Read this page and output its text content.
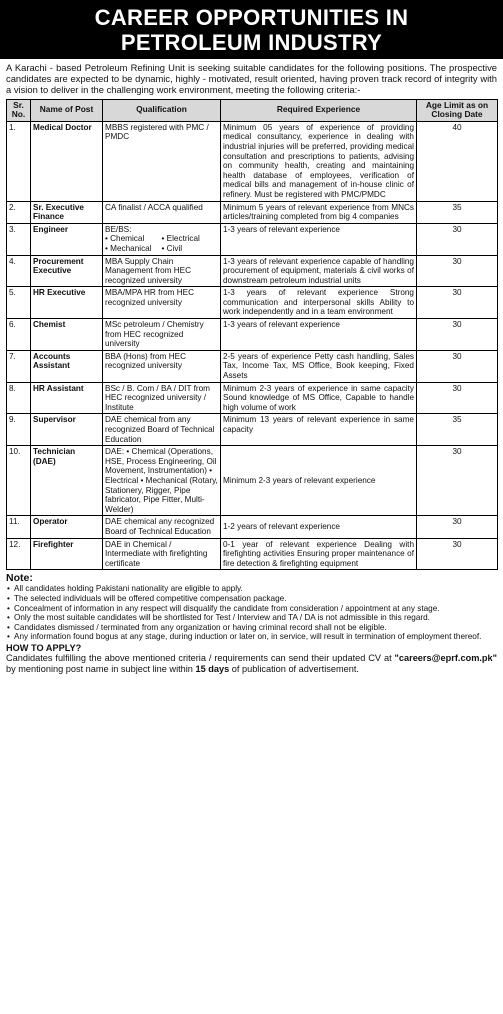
CAREER OPPORTUNITIES IN
PETROLEUM INDUSTRY
A Karachi - based Petroleum Refining Unit is seeking suitable candidates for the following positions. The prospective candidates are expected to be dynamic, highly - motivated, result oriented, having proven track record of integrity with a vision to deliver in the challenging work environment, meeting the following criteria:-
Sr. No.	Name of Post	Qualification	Required Experience	Age Limit as on Closing Date
1.	Medical Doctor	MBBS registered with PMC / PMDC	Minimum 05 years of experience of providing medical consultancy, experience in dealing with industrial injuries will be preferred, providing medical consultation and prescriptions to patients, advising on community health, creating and maintaining health database of employees, verification of medical bills and management of in-house clinic of refinery. Must be registered with PMC/PMDC	40
2.	Sr. Executive Finance	CA finalist / ACCA qualified	Minimum 5 years of relevant experience from MNCs articles/training completed from big 4 companies	35
3.	Engineer	BE/BS:
• Chemical • Electrical
• Mechanical • Civil	1-3 years of relevant experience	30
4.	Procurement Executive	MBA Supply Chain Management from HEC recognized university	1-3 years of relevant experience capable of handling procurement of equipment, materials & civil works of downstream petroleum industrial units	30
5.	HR Executive	MBA/MPA HR from HEC recognized university	1-3 years of relevant experience Strong communication and interpersonal skills Ability to work independently and in a team environment	30
6.	Chemist	MSc petroleum / Chemistry from HEC recognized university	1-3 years of relevant experience	30
7.	Accounts Assistant	BBA (Hons) from HEC recognized university	2-5 years of experience Petty cash handling, Sales Tax, Income Tax, MS Office, Book keeping, Fixed Assets	30
8.	HR Assistant	BSc / B. Com / BA / DIT from HEC recognized university / Institute	Minimum 2-3 years of experience in same capacity Sound knowledge of MS Office, Capable to handle high volume of work	30
9.	Supervisor	DAE chemical from any recognized Board of Technical Education	Minimum 13 years of relevant experience in same capacity	35
10.	Technician (DAE)	DAE: • Chemical (Operations, HSE, Process Engineering, Oil Movement, Instrumentation) • Electrical • Mechanical (Rotary, Stationery, Rigger, Pipe fabricator, Pipe Fitter, Multi-Welder)	Minimum 2-3 years of relevant experience	30
11.	Operator	DAE chemical any recognized Board of Technical Education	1-2 years of relevant experience	30
12.	Firefighter	DAE in Chemical / Intermediate with firefighting certificate	0-1 year of relevant experience Dealing with firefighting activities Ensuring proper maintenance of fire detection & firefighting equipment	30
Note:
• All candidates holding Pakistani nationality are eligible to apply.
• The selected individuals will be offered competitive compensation package.
• Concealment of information in any respect will disqualify the candidate from consideration / appointment at any stage.
• Only the most suitable candidates will be shortlisted for Test / Interview and TA / DA is not admissible in this regard.
• Candidates dismissed / terminated from any organization or having criminal record shall not be eligible.
• Any information found bogus at any stage, during induction or later on, in service, will result in termination of employment thereof.
HOW TO APPLY?
Candidates fulfilling the above mentioned criteria / requirements can send their updated CV at "careers@eprf.com.pk" by mentioning post name in subject line within 15 days of publication of advertisement.
